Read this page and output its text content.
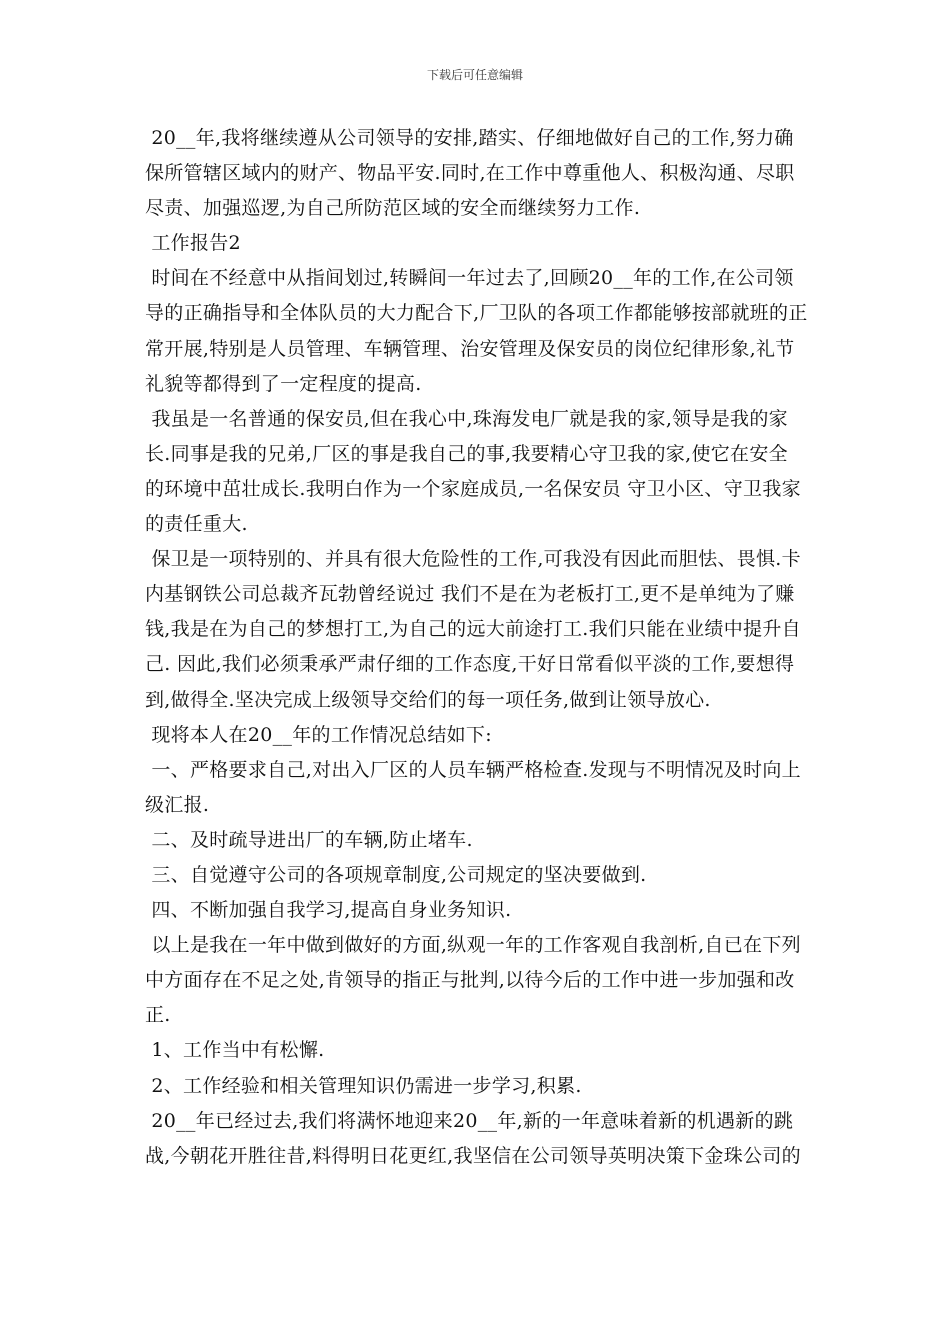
下载后可任意编辑
20__年,我将继续遵从公司领导的安排,踏实、仔细地做好自己的工作,努力确
保所管辖区域内的财产、物品平安.同时,在工作中尊重他人、积极沟通、尽职
尽责、加强巡逻,为自己所防范区域的安全而继续努力工作.
工作报告2
时间在不经意中从指间划过,转瞬间一年过去了,回顾20__年的工作,在公司领
导的正确指导和全体队员的大力配合下,厂卫队的各项工作都能够按部就班的正
常开展,特别是人员管理、车辆管理、治安管理及保安员的岗位纪律形象,礼节
礼貌等都得到了一定程度的提高.
我虽是一名普通的保安员,但在我心中,珠海发电厂就是我的家,领导是我的家
长.同事是我的兄弟,厂区的事是我自己的事,我要精心守卫我的家,使它在安全
的环境中茁壮成长.我明白作为一个家庭成员,一名保安员 守卫小区、守卫我家
的责任重大.
保卫是一项特别的、并具有很大危险性的工作,可我没有因此而胆怯、畏惧.卡
内基钢铁公司总裁齐瓦勃曾经说过 我们不是在为老板打工,更不是单纯为了赚
钱,我是在为自己的梦想打工,为自己的远大前途打工.我们只能在业绩中提升自
己. 因此,我们必须秉承严肃仔细的工作态度,干好日常看似平淡的工作,要想得
到,做得全.坚决完成上级领导交给们的每一项任务,做到让领导放心.
现将本人在20__年的工作情况总结如下:
一、严格要求自己,对出入厂区的人员车辆严格检查.发现与不明情况及时向上
级汇报.
二、及时疏导进出厂的车辆,防止堵车.
三、自觉遵守公司的各项规章制度,公司规定的坚决要做到.
四、不断加强自我学习,提高自身业务知识.
以上是我在一年中做到做好的方面,纵观一年的工作客观自我剖析,自已在下列
中方面存在不足之处,肯领导的指正与批判,以待今后的工作中进一步加强和改
正.
1、工作当中有松懈.
2、工作经验和相关管理知识仍需进一步学习,积累.
20__年已经过去,我们将满怀地迎来20__年,新的一年意味着新的机遇新的跳
战,今朝花开胜往昔,料得明日花更红,我坚信在公司领导英明决策下金珠公司的
